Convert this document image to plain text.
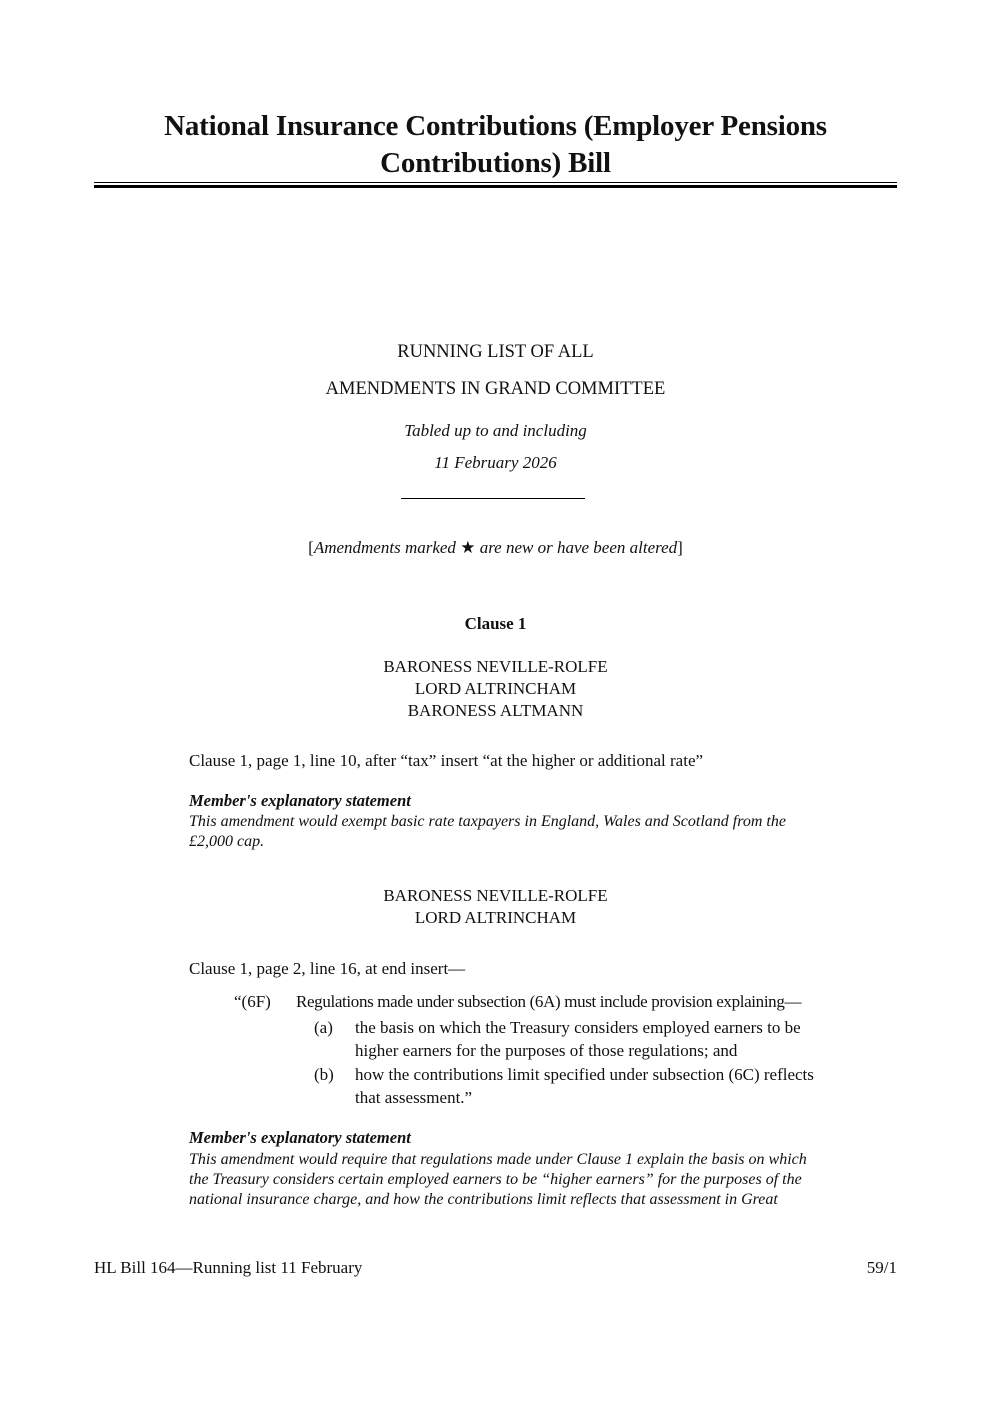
National Insurance Contributions (Employer Pensions
Contributions) Bill
RUNNING LIST OF ALL
AMENDMENTS IN GRAND COMMITTEE
Tabled up to and including
11 February 2026
[Amendments marked ★ are new or have been altered]
Clause 1
BARONESS NEVILLE-ROLFE
LORD ALTRINCHAM
BARONESS ALTMANN
Clause 1, page 1, line 10, after “tax” insert “at the higher or additional rate”
Member's explanatory statement
This amendment would exempt basic rate taxpayers in England, Wales and Scotland from the
£2,000 cap.
BARONESS NEVILLE-ROLFE
LORD ALTRINCHAM
Clause 1, page 2, line 16, at end insert—
“(6F) Regulations made under subsection (6A) must include provision explaining—
(a) the basis on which the Treasury considers employed earners to be
higher earners for the purposes of those regulations; and
(b) how the contributions limit specified under subsection (6C) reflects
that assessment.”
Member's explanatory statement
This amendment would require that regulations made under Clause 1 explain the basis on which
the Treasury considers certain employed earners to be “higher earners” for the purposes of the
national insurance charge, and how the contributions limit reflects that assessment in Great
HL Bill 164—Running list 11 February	59/1
